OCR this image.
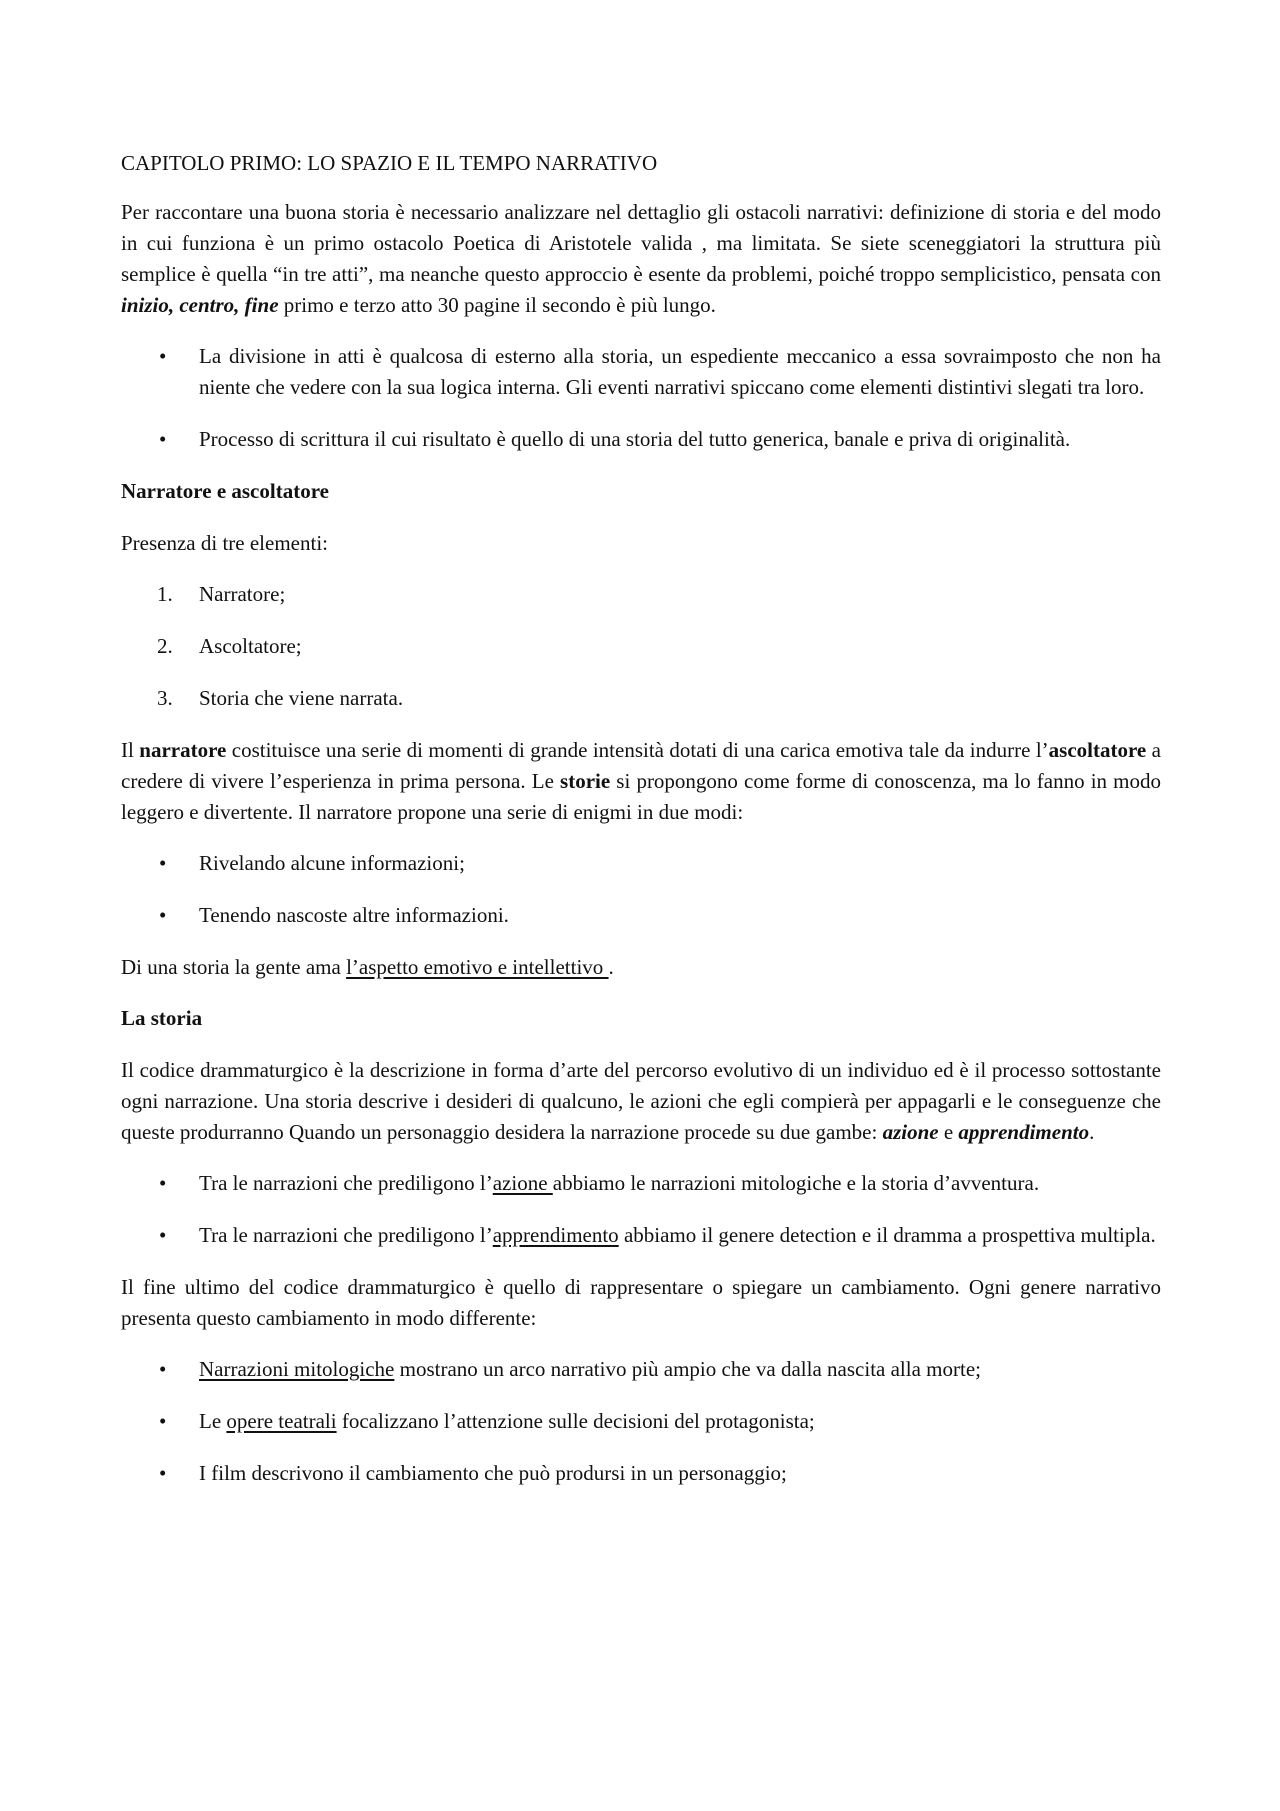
CAPITOLO PRIMO: LO SPAZIO E IL TEMPO NARRATIVO

Per raccontare una buona storia è necessario analizzare nel dettaglio gli ostacoli narrativi: definizione di storia e del modo in cui funziona è un primo ostacolo Poetica di Aristotele valida , ma limitata. Se siete sceneggiatori la struttura più semplice è quella “in tre atti”, ma neanche questo approccio è esente da problemi, poiché troppo semplicistico, pensata con inizio, centro, fine primo e terzo atto 30 pagine il secondo è più lungo.

• La divisione in atti è qualcosa di esterno alla storia, un espediente meccanico a essa sovraimposto che non ha niente che vedere con la sua logica interna. Gli eventi narrativi spiccano come elementi distintivi slegati tra loro.
• Processo di scrittura il cui risultato è quello di una storia del tutto generica, banale e priva di originalità.

Narratore e ascoltatore

Presenza di tre elementi:

1. Narratore;
2. Ascoltatore;
3. Storia che viene narrata.

Il narratore costituisce una serie di momenti di grande intensità dotati di una carica emotiva tale da indurre l’ascoltatore a credere di vivere l’esperienza in prima persona. Le storie si propongono come forme di conoscenza, ma lo fanno in modo leggero e divertente. Il narratore propone una serie di enigmi in due modi:

• Rivelando alcune informazioni;
• Tenendo nascoste altre informazioni.

Di una storia la gente ama l’aspetto emotivo e intellettivo .

La storia

Il codice drammaturgico è la descrizione in forma d’arte del percorso evolutivo di un individuo ed è il processo sottostante ogni narrazione. Una storia descrive i desideri di qualcuno, le azioni che egli compierà per appagarli e le conseguenze che queste produrranno Quando un personaggio desidera la narrazione procede su due gambe: azione e apprendimento.

• Tra le narrazioni che prediligono l’azione abbiamo le narrazioni mitologiche e la storia d’avventura.
• Tra le narrazioni che prediligono l’apprendimento abbiamo il genere detection e il dramma a prospettiva multipla.

Il fine ultimo del codice drammaturgico è quello di rappresentare o spiegare un cambiamento. Ogni genere narrativo presenta questo cambiamento in modo differente:

• Narrazioni mitologiche mostrano un arco narrativo più ampio che va dalla nascita alla morte;
• Le opere teatrali focalizzano l’attenzione sulle decisioni del protagonista;
• I film descrivono il cambiamento che può prodursi in un personaggio;
